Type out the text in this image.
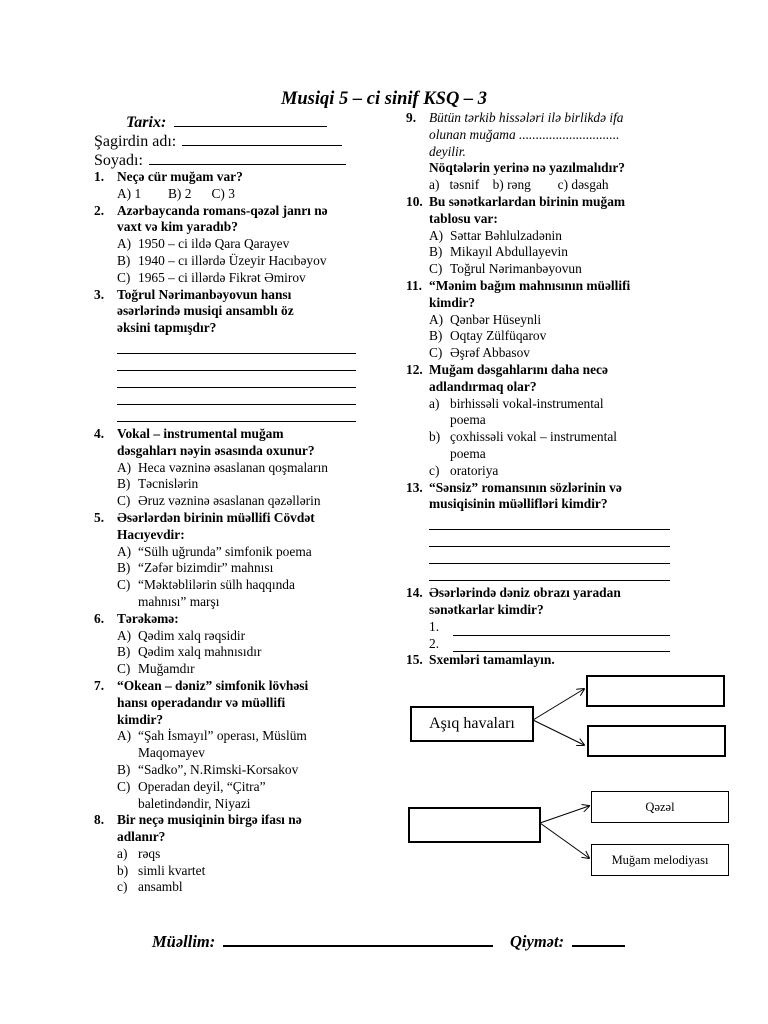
Musiqi 5 – ci sinif KSQ – 3
Tarix:
Şagirdin adı:
Soyadı:
1. Neçə cür muğam var?
A) 1        B) 2      C) 3
2. Azərbaycanda romans-qəzəl janrı nə
vaxt və kim yaradıb?
A) 1950 – ci ildə Qara Qarayev
B) 1940 – cı illərdə Üzeyir Hacıbəyov
C) 1965 – ci illərdə Fikrət Əmirov
3. Toğrul Nərimanbəyovun hansı
əsərlərində musiqi ansamblı öz
əksini tapmışdır?
4. Vokal – instrumental muğam
dəsgahları nəyin əsasında oxunur?
A) Heca vəzninə əsaslanan qoşmaların
B) Təcnislərin
C) Əruz vəzninə əsaslanan qəzəllərin
5. Əsərlərdən birinin müəllifi Cövdət
Hacıyevdir:
A) “Sülh uğrunda” simfonik poema
B) “Zəfər bizimdir” mahnısı
C) “Məktəblilərin sülh haqqında
mahnısı” marşı
6. Tərəkəmə:
A) Qədim xalq rəqsidir
B) Qədim xalq mahnısıdır
C) Muğamdır
7. “Okean – dəniz” simfonik lövhəsi
hansı operadandır və müəllifi
kimdir?
A) “Şah İsmayıl” operası, Müslüm
Maqomayev
B) “Sadko”, N.Rimski-Korsakov
C) Operadan deyil, “Çitra”
baletindəndir, Niyazi
8. Bir neçə musiqinin birgə ifası nə
adlanır?
a) rəqs
b) simli kvartet
c) ansambl
9. Bütün tərkib hissələri ilə birlikdə ifa
olunan muğama ..............................
deyilir.
Nöqtələrin yerinə nə yazılmalıdır?
a)   təsnif    b) rəng        c) dəsgah
10. Bu sənətkarlardan birinin muğam
tablosu var:
A) Səttar Bəhlulzadənin
B) Mikayıl Abdullayevin
C) Toğrul Nərimanbəyovun
11. “Mənim bağım mahnısının müəllifi
kimdir?
A) Qənbər Hüseynli
B) Oqtay Zülfüqarov
C) Əşrəf Abbasov
12. Muğam dəsgahlarını daha necə
adlandırmaq olar?
a) birhissəli vokal-instrumental
poema
b) çoxhissəli vokal – instrumental
poema
c) oratoriya
13. “Sənsiz” romansının sözlərinin və
musiqisinin müəllifləri kimdir?
14. Əsərlərində dəniz obrazı yaradan
sənətkarlar kimdir?
1.
2.
15. Sxemləri tamamlayın.
Aşıq havaları
Qəzəl
Muğam melodiyası
Müəllim:	Qiymət:
